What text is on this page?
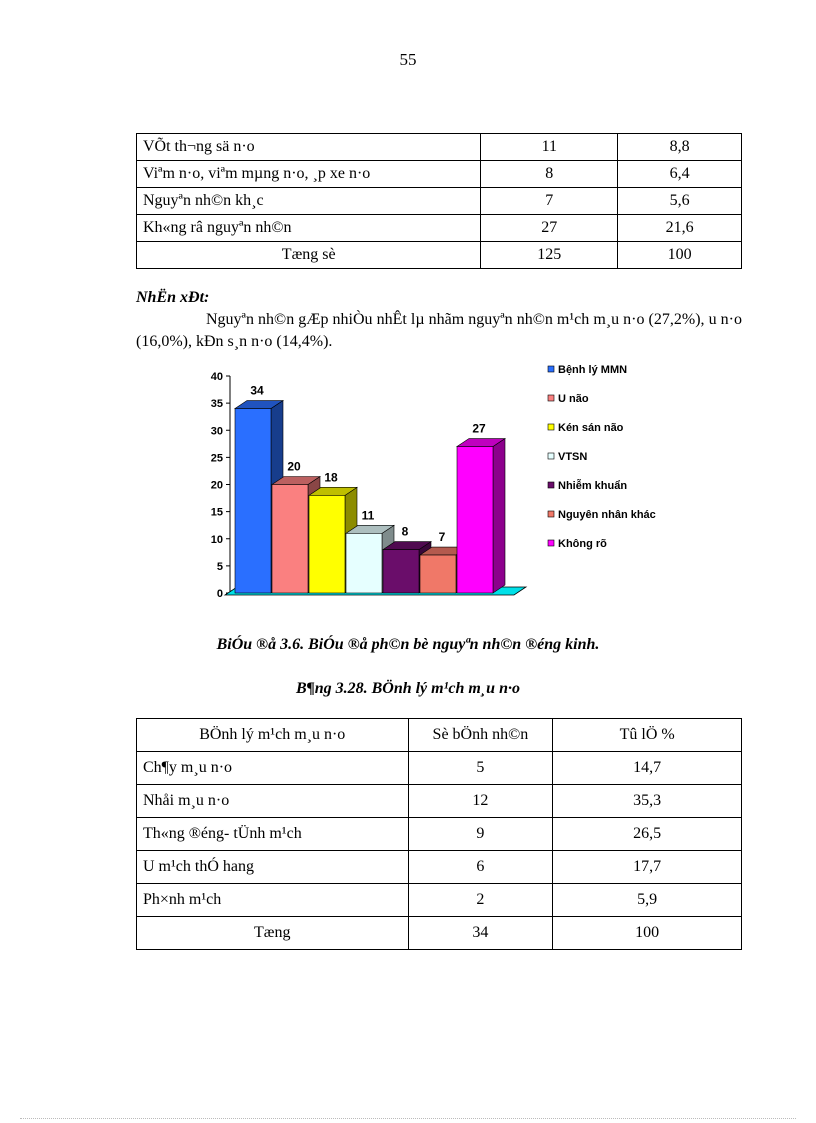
55
VÕt th¬ng sä n·o	11	8,8
Viªm n·o, viªm mµng n·o, ¸p xe n·o	8	6,4
Nguyªn nh©n kh¸c	7	5,6
Kh«ng râ nguyªn nh©n	27	21,6
Tæng sè	125	100
NhËn xÐt:
Nguyªn nh©n gÆp nhiÒu nhÊt lµ nhãm nguyªn nh©n m¹ch m¸u n·o (27,2%), u n·o (16,0%), kÐn s¸n n·o (14,4%).
0
5
10
15
20
25
30
35
40
34
20
18
11
8	7
27
Bệnh lý MMN
U não
Kén sán não
VTSN
Nhiễm khuẩn
Nguyên nhân khác
Không rõ
BiÓu ®å 3.6. BiÓu ®å ph©n bè nguyªn nh©n ®éng kinh.
B¶ng 3.28. BÖnh lý m¹ch m¸u n·o
BÖnh lý m¹ch m¸u n·o	Sè bÖnh nh©n	Tû lÖ %
Ch¶y m¸u n·o	5	14,7
Nhåi m¸u n·o	12	35,3
Th«ng ®éng- tÜnh m¹ch	9	26,5
U m¹ch thÓ hang	6	17,7
Ph×nh m¹ch	2	5,9
Tæng	34	100
